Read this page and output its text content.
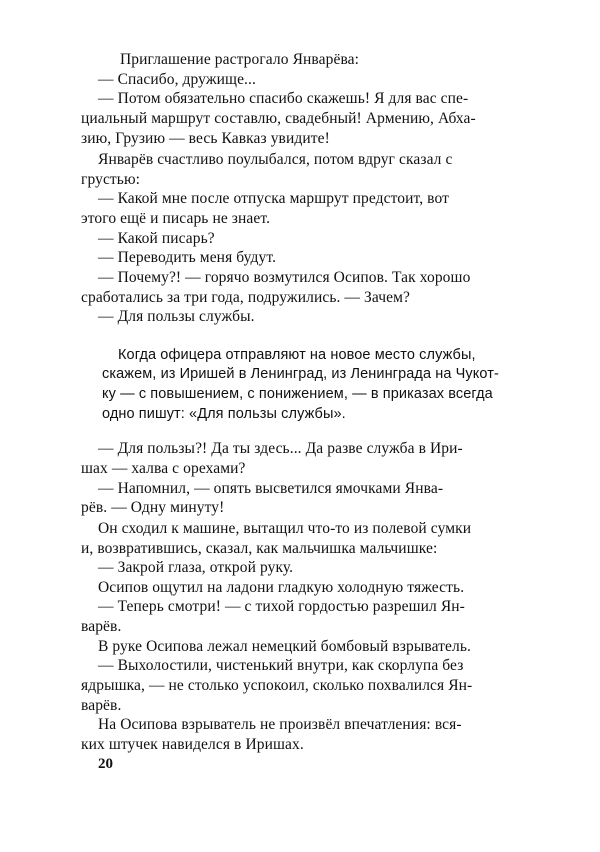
Приглашение растрогало Январёва:
— Спасибо, дружище...
— Потом обязательно спасибо скажешь! Я для вас спе-
циальный маршрут составлю, свадебный! Армению, Абха-
зию, Грузию — весь Кавказ увидите!
Январёв счастливо поулыбался, потом вдруг сказал с
грустью:
— Какой мне после отпуска маршрут предстоит, вот
этого ещё и писарь не знает.
— Какой писарь?
— Переводить меня будут.
— Почему?! — горячо возмутился Осипов. Так хорошо
сработались за три года, подружились. — Зачем?
— Для пользы службы.
Когда офицера отправляют на новое место службы,
скажем, из Иришей в Ленинград, из Ленинграда на Чукот-
ку — с повышением, с понижением, — в приказах всегда
одно пишут: «Для пользы службы».
— Для пользы?! Да ты здесь... Да разве служба в Ири-
шах — халва с орехами?
— Напомнил, — опять высветился ямочками Янва-
рёв. — Одну минуту!
Он сходил к машине, вытащил что-то из полевой сумки
и, возвратившись, сказал, как мальчишка мальчишке:
— Закрой глаза, открой руку.
Осипов ощутил на ладони гладкую холодную тяжесть.
— Теперь смотри! — с тихой гордостью разрешил Ян-
варёв.
В руке Осипова лежал немецкий бомбовый взрыватель.
— Выхолостили, чистенький внутри, как скорлупа без
ядрышка, — не столько успокоил, сколько похвалился Ян-
варёв.
На Осипова взрыватель не произвёл впечатления: вся-
ких штучек навиделся в Иришах.
20
